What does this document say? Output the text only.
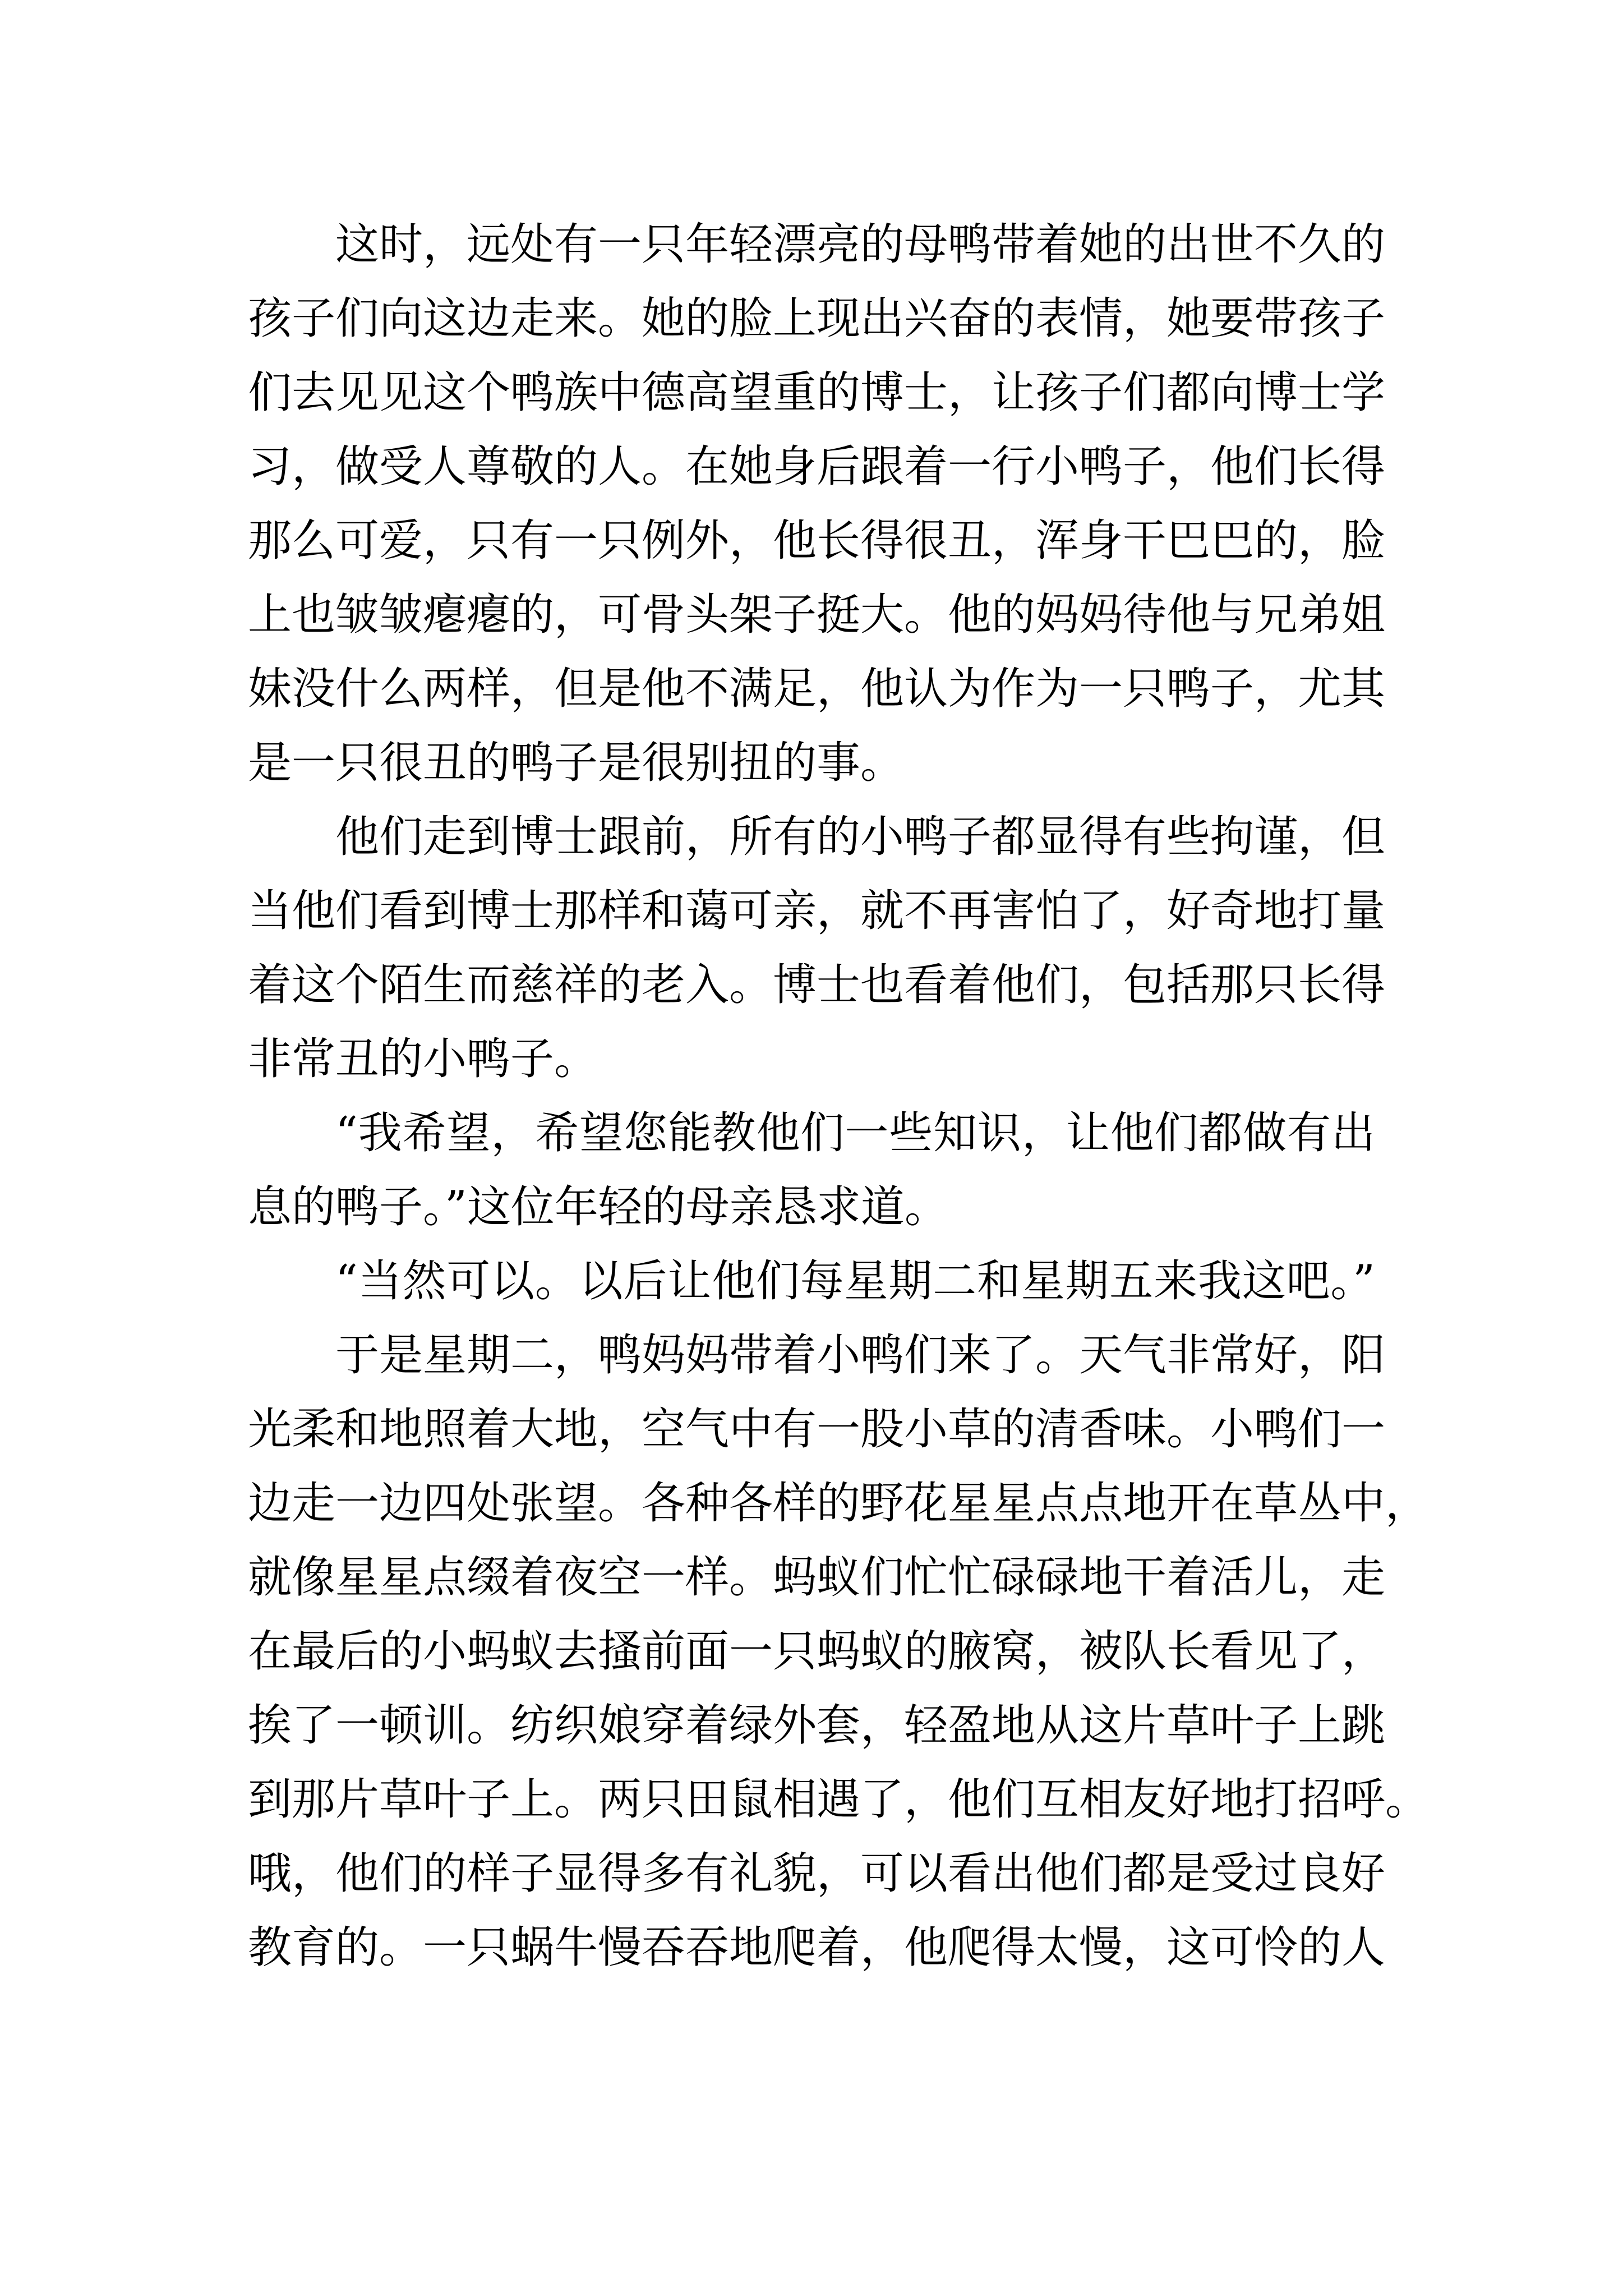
这时，远处有一只年轻漂亮的母鸭带着她的出世不久的
孩子们向这边走来。她的脸上现出兴奋的表情，她要带孩子
们去见见这个鸭族中德高望重的博士，让孩子们都向博士学
习，做受人尊敬的人。在她身后跟着一行小鸭子，他们长得
那么可爱，只有一只例外，他长得很丑，浑身干巴巴的，脸
上也皱皱瘪瘪的，可骨头架子挺大。他的妈妈待他与兄弟姐
妹没什么两样，但是他不满足，他认为作为一只鸭子，尤其
是一只很丑的鸭子是很别扭的事。
他们走到博士跟前，所有的小鸭子都显得有些拘谨，但
当他们看到博士那样和蔼可亲，就不再害怕了，好奇地打量
着这个陌生而慈祥的老入。博士也看着他们，包括那只长得
非常丑的小鸭子。
“我希望，希望您能教他们一些知识，让他们都做有出
息的鸭子。”这位年轻的母亲恳求道。
“当然可以。以后让他们每星期二和星期五来我这吧。”
于是星期二，鸭妈妈带着小鸭们来了。天气非常好，阳
光柔和地照着大地，空气中有一股小草的清香味。小鸭们一
边走一边四处张望。各种各样的野花星星点点地开在草丛中，
就像星星点缀着夜空一样。蚂蚁们忙忙碌碌地干着活儿，走
在最后的小蚂蚁去搔前面一只蚂蚁的腋窝，被队长看见了，
挨了一顿训。纺织娘穿着绿外套，轻盈地从这片草叶子上跳
到那片草叶子上。两只田鼠相遇了，他们互相友好地打招呼。
哦，他们的样子显得多有礼貌，可以看出他们都是受过良好
教育的。一只蜗牛慢吞吞地爬着，他爬得太慢，这可怜的人
